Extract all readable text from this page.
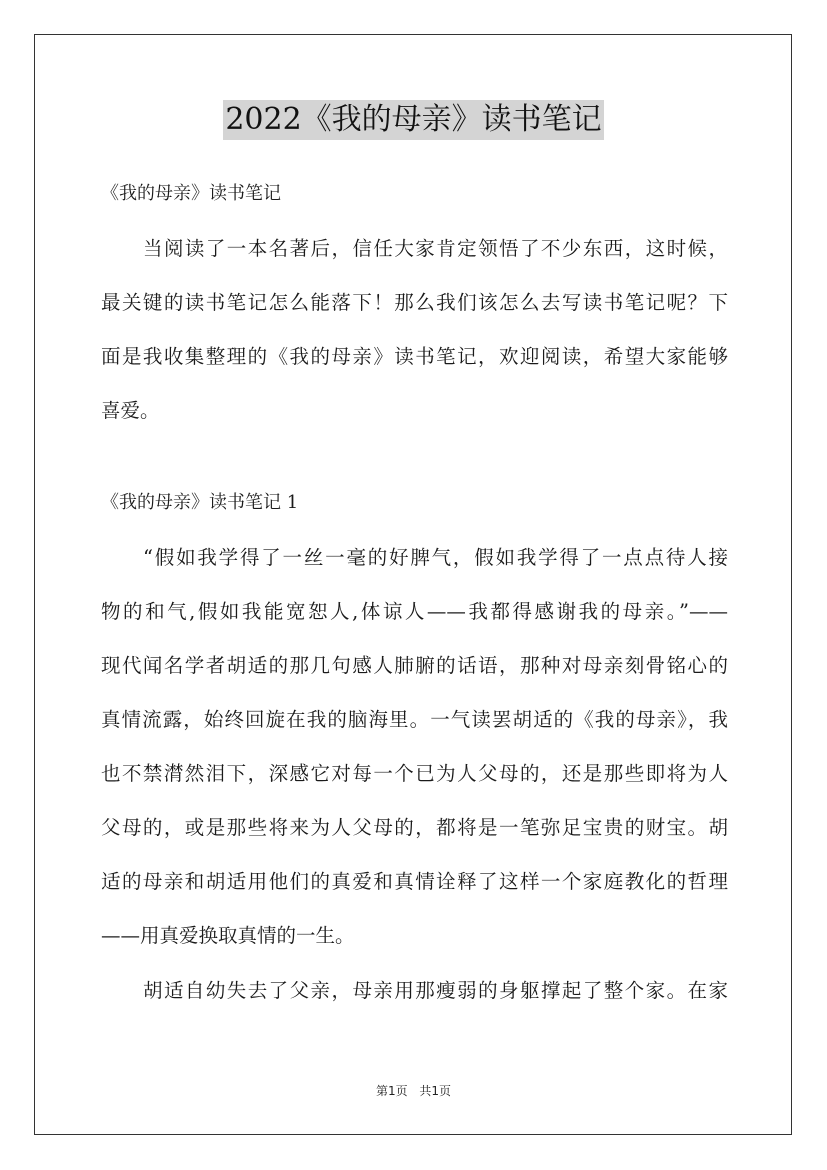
2022《我的母亲》读书笔记
《我的母亲》读书笔记
当阅读了一本名著后，信任大家肯定领悟了不少东西，这时候，
最关键的读书笔记怎么能落下！那么我们该怎么去写读书笔记呢？下
面是我收集整理的《我的母亲》读书笔记，欢迎阅读，希望大家能够
喜爱。
《我的母亲》读书笔记 1
“假如我学得了一丝一毫的好脾气，假如我学得了一点点待人接
物的和气,假如我能宽恕人,体谅人——我都得感谢我的母亲。”——
现代闻名学者胡适的那几句感人肺腑的话语，那种对母亲刻骨铭心的
真情流露，始终回旋在我的脑海里。一气读罢胡适的《我的母亲》，我
也不禁潸然泪下，深感它对每一个已为人父母的，还是那些即将为人
父母的，或是那些将来为人父母的，都将是一笔弥足宝贵的财宝。胡
适的母亲和胡适用他们的真爱和真情诠释了这样一个家庭教化的哲理
——用真爱换取真情的一生。
胡适自幼失去了父亲，母亲用那瘦弱的身躯撑起了整个家。在家
第1页 共1页
